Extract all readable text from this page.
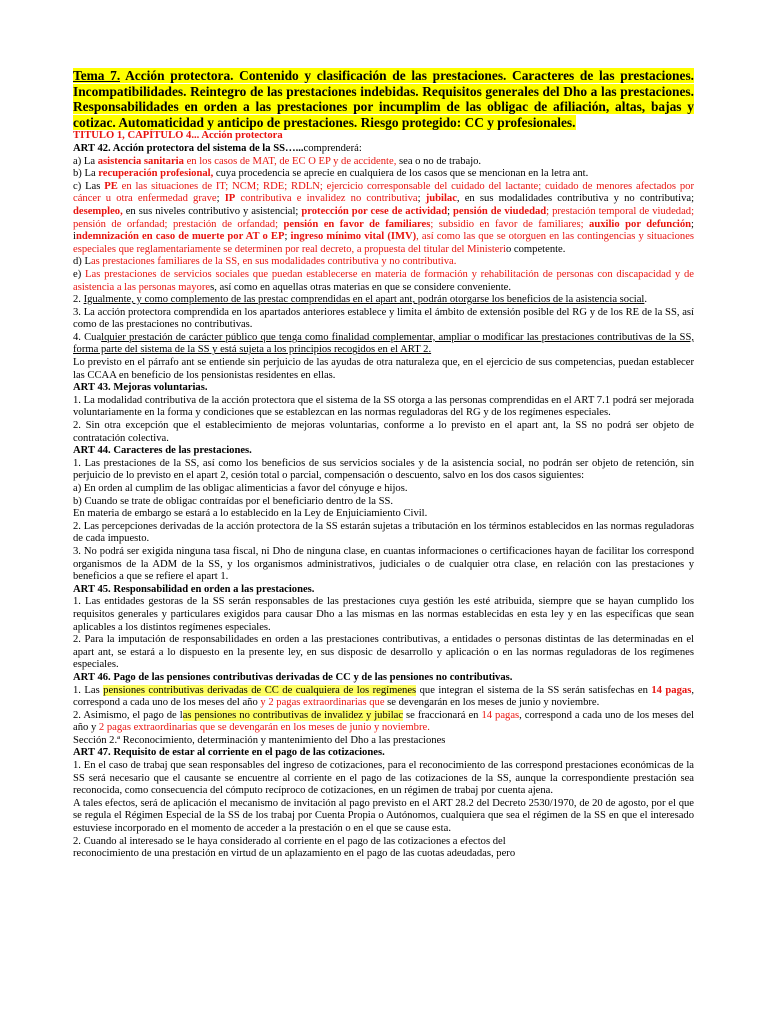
Tema 7. Acción protectora. Contenido y clasificación de las prestaciones. Caracteres de las prestaciones. Incompatibilidades. Reintegro de las prestaciones indebidas. Requisitos generales del Dho a las prestaciones. Responsabilidades en orden a las prestaciones por incumplim de las obligac de afiliación, altas, bajas y cotizac. Automaticidad y anticipo de prestaciones. Riesgo protegido: CC y profesionales.

TITULO 1, CAPÍTULO 4... Acción protectora

ART 42. Acción protectora del sistema de la SS…...comprenderá:

a) La asistencia sanitaria en los casos de MAT, de EC O EP y de accidente, sea o no de trabajo.

b) La recuperación profesional, cuya procedencia se aprecie en cualquiera de los casos que se mencionan en la letra ant.

c) Las PE en las situaciones de IT; NCM; RDE; RDLN; ejercicio corresponsable del cuidado del lactante; cuidado de menores afectados por cáncer u otra enfermedad grave; IP contributiva e invalidez no contributiva; jubilac, en sus modalidades contributiva y no contributiva; desempleo, en sus niveles contributivo y asistencial; protección por cese de actividad; pensión de viudedad; prestación temporal de viudedad; pensión de orfandad; prestación de orfandad; pensión en favor de familiares; subsidio en favor de familiares; auxilio por defunción; indemnización en caso de muerte por AT o EP; ingreso mínimo vital (IMV), así como las que se otorguen en las contingencias y situaciones especiales que reglamentariamente se determinen por real decreto, a propuesta del titular del Ministerio competente.

d) Las prestaciones familiares de la SS, en sus modalidades contributiva y no contributiva.

e) Las prestaciones de servicios sociales que puedan establecerse en materia de formación y rehabilitación de personas con discapacidad y de asistencia a las personas mayores, así como en aquellas otras materias en que se considere conveniente.

2. Igualmente, y como complemento de las prestac comprendidas en el apart ant, podrán otorgarse los beneficios de la asistencia social.

3. La acción protectora comprendida en los apartados anteriores establece y limita el ámbito de extensión posible del RG y de los RE de la SS, así como de las prestaciones no contributivas.

4. Cualquier prestación de carácter público que tenga como finalidad complementar, ampliar o modificar las prestaciones contributivas de la SS, forma parte del sistema de la SS y está sujeta a los principios recogidos en el ART 2.

Lo previsto en el párrafo ant se entiende sin perjuicio de las ayudas de otra naturaleza que, en el ejercicio de sus competencias, puedan establecer las CCAA en beneficio de los pensionistas residentes en ellas.

ART 43. Mejoras voluntarias.

1. La modalidad contributiva de la acción protectora que el sistema de la SS otorga a las personas comprendidas en el ART 7.1 podrá ser mejorada voluntariamente en la forma y condiciones que se establezcan en las normas reguladoras del RG y de los regímenes especiales.

2. Sin otra excepción que el establecimiento de mejoras voluntarias, conforme a lo previsto en el apart ant, la SS no podrá ser objeto de contratación colectiva.

ART 44. Caracteres de las prestaciones.

1. Las prestaciones de la SS, así como los beneficios de sus servicios sociales y de la asistencia social, no podrán ser objeto de retención, sin perjuicio de lo previsto en el apart 2, cesión total o parcial, compensación o descuento, salvo en los dos casos siguientes:

a) En orden al cumplim de las obligac alimenticias a favor del cónyuge e hijos.

b) Cuando se trate de obligac contraídas por el beneficiario dentro de la SS.

En materia de embargo se estará a lo establecido en la Ley de Enjuiciamiento Civil.

2. Las percepciones derivadas de la acción protectora de la SS estarán sujetas a tributación en los términos establecidos en las normas reguladoras de cada impuesto.

3. No podrá ser exigida ninguna tasa fiscal, ni Dho de ninguna clase, en cuantas informaciones o certificaciones hayan de facilitar los correspond organismos de la ADM de la SS, y los organismos administrativos, judiciales o de cualquier otra clase, en relación con las prestaciones y beneficios a que se refiere el apart 1.

ART 45. Responsabilidad en orden a las prestaciones.

1. Las entidades gestoras de la SS serán responsables de las prestaciones cuya gestión les esté atribuida, siempre que se hayan cumplido los requisitos generales y particulares exigidos para causar Dho a las mismas en las normas establecidas en esta ley y en las específicas que sean aplicables a los distintos regímenes especiales.

2. Para la imputación de responsabilidades en orden a las prestaciones contributivas, a entidades o personas distintas de las determinadas en el apart ant, se estará a lo dispuesto en la presente ley, en sus disposic de desarrollo y aplicación o en las normas reguladoras de los regímenes especiales.

ART 46. Pago de las pensiones contributivas derivadas de CC y de las pensiones no contributivas.

1. Las pensiones contributivas derivadas de CC de cualquiera de los regímenes que integran el sistema de la SS serán satisfechas en 14 pagas, correspond a cada uno de los meses del año y 2 pagas extraordinarias que se devengarán en los meses de junio y noviembre.

2. Asimismo, el pago de las pensiones no contributivas de invalidez y jubilac se fraccionará en 14 pagas, correspond a cada uno de los meses del año y 2 pagas extraordinarias que se devengarán en los meses de junio y noviembre.

Sección 2.ª Reconocimiento, determinación y mantenimiento del Dho a las prestaciones

ART 47. Requisito de estar al corriente en el pago de las cotizaciones.

1. En el caso de trabaj que sean responsables del ingreso de cotizaciones, para el reconocimiento de las correspond prestaciones económicas de la SS será necesario que el causante se encuentre al corriente en el pago de las cotizaciones de la SS, aunque la correspondiente prestación sea reconocida, como consecuencia del cómputo recíproco de cotizaciones, en un régimen de trabaj por cuenta ajena.

A tales efectos, será de aplicación el mecanismo de invitación al pago previsto en el ART 28.2 del Decreto 2530/1970, de 20 de agosto, por el que se regula el Régimen Especial de la SS de los trabaj por Cuenta Propia o Autónomos, cualquiera que sea el régimen de la SS en que el interesado estuviese incorporado en el momento de acceder a la prestación o en el que se cause esta.

2. Cuando al interesado se le haya considerado al corriente en el pago de las cotizaciones a efectos del

reconocimiento de una prestación en virtud de un aplazamiento en el pago de las cuotas adeudadas, pero
